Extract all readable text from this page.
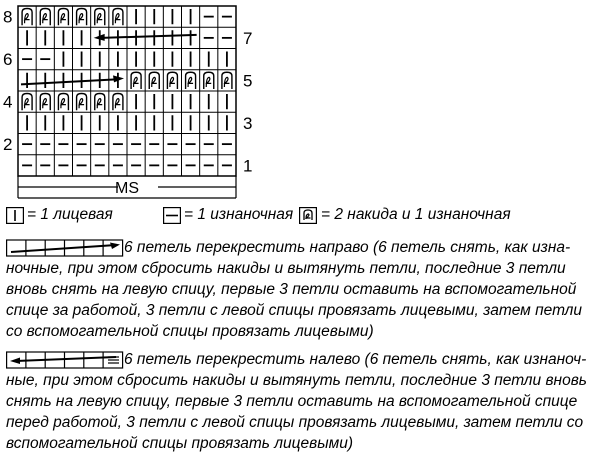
MS
8
6
4
2
7
5
3
1
= 1 лицевая	= 1 изнаночная = 2 накида и 1 изнаночная
6 петель перекрестить направо (6 петель снять, как изна-
ночные, при этом сбросить накиды и вытянуть петли, последние 3 петли
вновь снять на левую спицу, первые 3 петли оставить на вспомогательной
спице за работой, 3 петли с левой спицы провязать лицевыми, затем петли
со вспомогательной спицы провязать лицевыми)
6 петель перекрестить налево (6 петель снять, как изнаноч-
ные, при этом сбросить накиды и вытянуть петли, последние 3 петли вновь
снять на левую спицу, первые 3 петли оставить на вспомогательной спице
перед работой, 3 петли с левой спицы провязать лицевыми, затем петли со
вспомогательной спицы провязать лицевыми)
